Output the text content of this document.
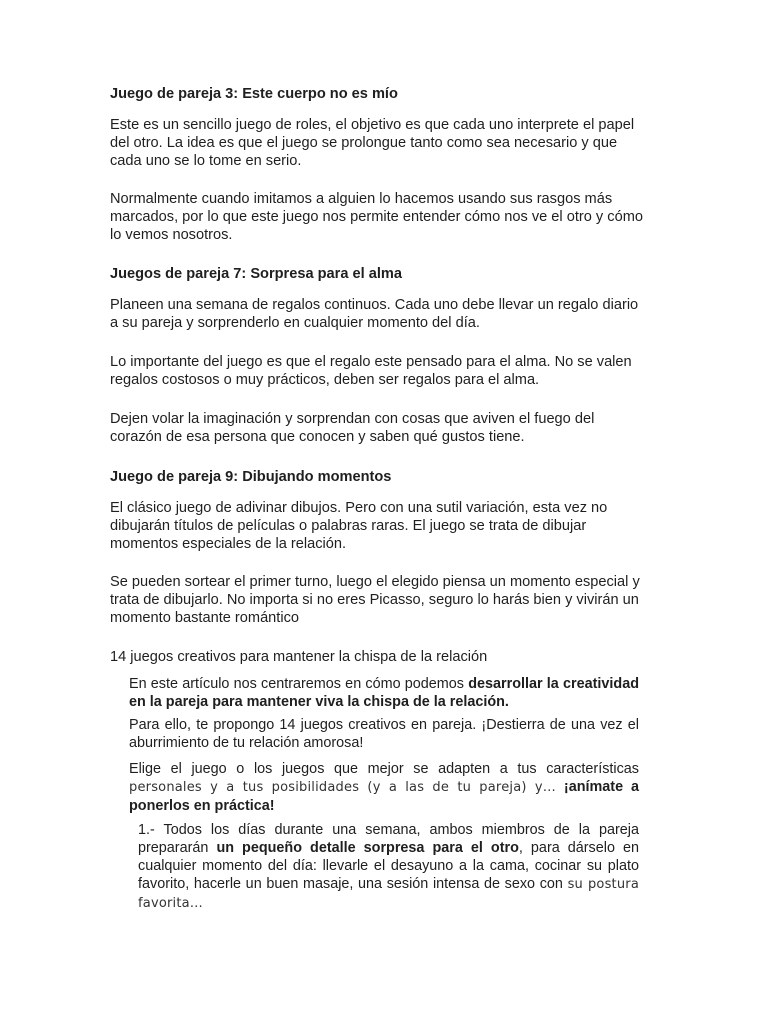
Juego de pareja 3: Este cuerpo no es mío

Este es un sencillo juego de roles, el objetivo es que cada uno interprete el papel del otro. La idea es que el juego se prolongue tanto como sea necesario y que cada uno se lo tome en serio.

Normalmente cuando imitamos a alguien lo hacemos usando sus rasgos más marcados, por lo que este juego nos permite entender cómo nos ve el otro y cómo lo vemos nosotros.

Juegos de pareja 7: Sorpresa para el alma

Planeen una semana de regalos continuos. Cada uno debe llevar un regalo diario a su pareja y sorprenderlo en cualquier momento del día.

Lo importante del juego es que el regalo este pensado para el alma. No se valen regalos costosos o muy prácticos, deben ser regalos para el alma.

Dejen volar la imaginación y sorprendan con cosas que aviven el fuego del corazón de esa persona que conocen y saben qué gustos tiene.

Juego de pareja 9: Dibujando momentos

El clásico juego de adivinar dibujos. Pero con una sutil variación, esta vez no dibujarán títulos de películas o palabras raras. El juego se trata de dibujar momentos especiales de la relación.

Se pueden sortear el primer turno, luego el elegido piensa un momento especial y trata de dibujarlo. No importa si no eres Picasso, seguro lo harás bien y vivirán un momento bastante romántico

14 juegos creativos para mantener la chispa de la relación

En este artículo nos centraremos en cómo podemos desarrollar la creatividad en la pareja para mantener viva la chispa de la relación.

Para ello, te propongo 14 juegos creativos en pareja. ¡Destierra de una vez el aburrimiento de tu relación amorosa!

Elige el juego o los juegos que mejor se adapten a tus características personales y a tus posibilidades (y a las de tu pareja) y… ¡anímate a ponerlos en práctica!

1.- Todos los días durante una semana, ambos miembros de la pareja prepararán un pequeño detalle sorpresa para el otro, para dárselo en cualquier momento del día: llevarle el desayuno a la cama, cocinar su plato favorito, hacerle un buen masaje, una sesión intensa de sexo con su postura favorita…
